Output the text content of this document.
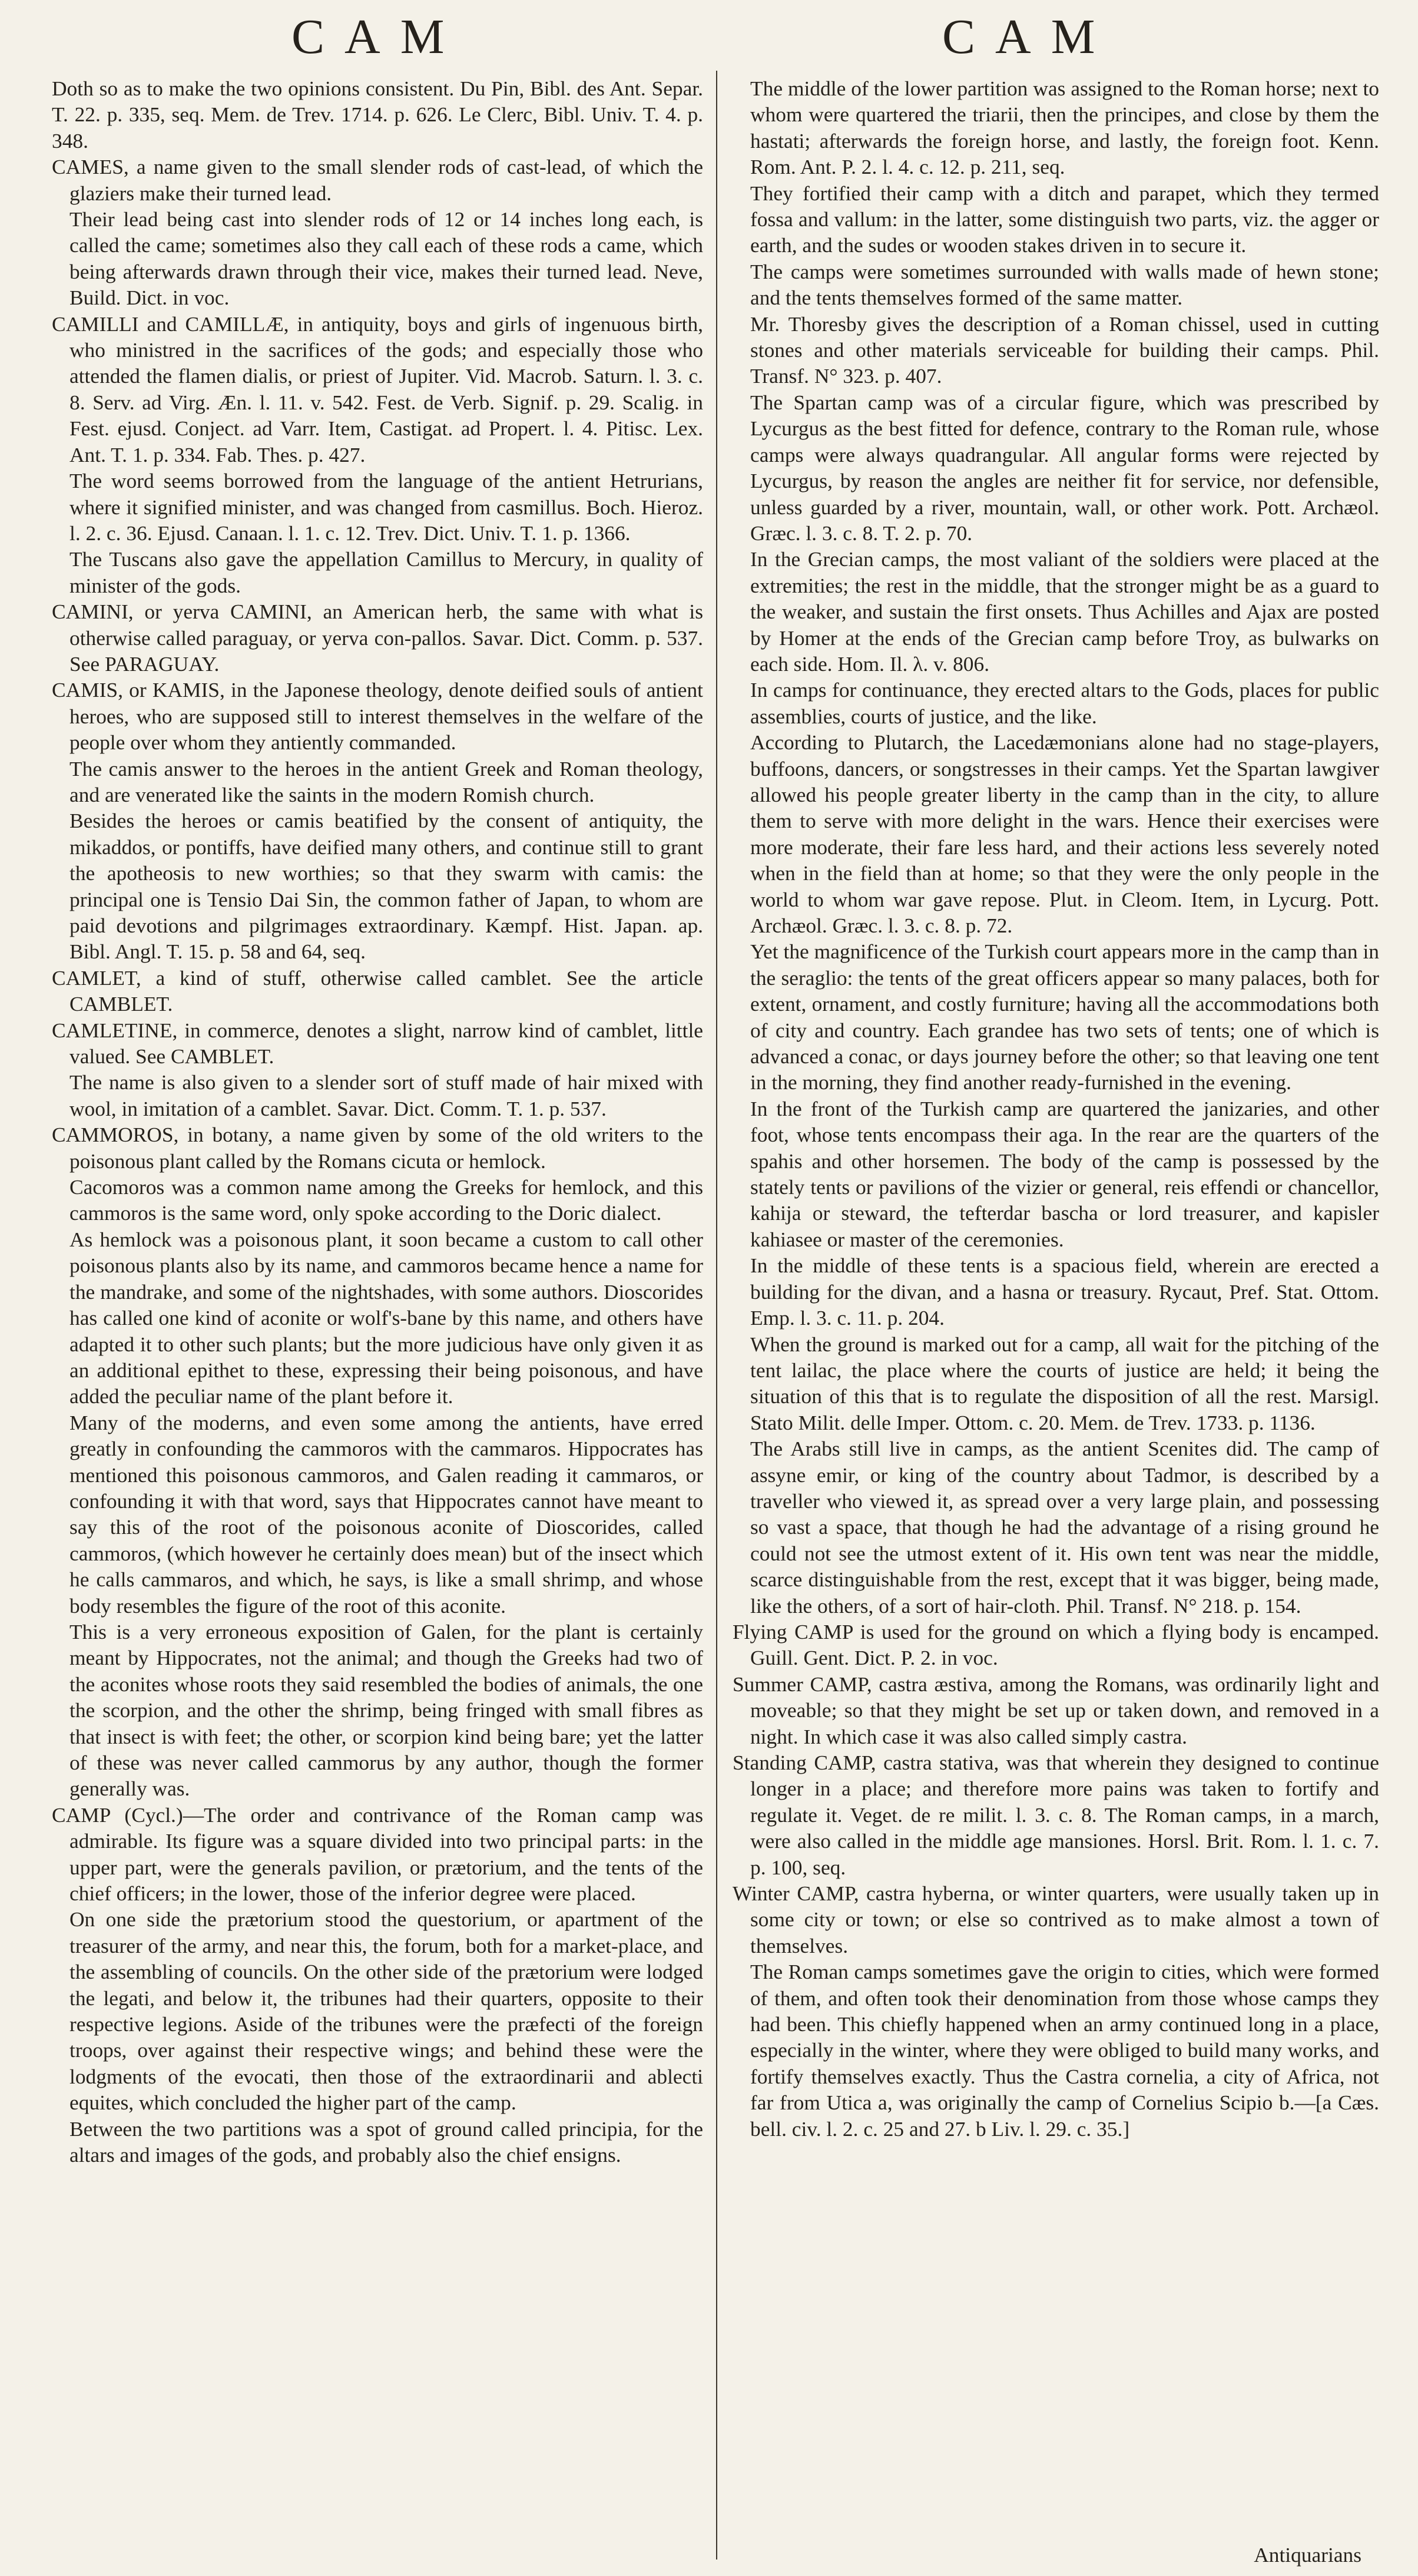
CAM	CAM

Doth so as to make the two opinions consistent. Du Pin, Bibl. des Ant. Separ. T. 22. p. 335, seq. Mem. de Trev. 1714. p. 626. Le Clerc, Bibl. Univ. T. 4. p. 348.

CAMES, a name given to the small slender rods of cast-lead, of which the glaziers make their turned lead.

Their lead being cast into slender rods of 12 or 14 inches long each, is called the came; sometimes also they call each of these rods a came, which being afterwards drawn through their vice, makes their turned lead. Neve, Build. Dict. in voc.

CAMILLI and CAMILLÆ, in antiquity, boys and girls of ingenuous birth, who ministred in the sacrifices of the gods; and especially those who attended the flamen dialis, or priest of Jupiter. Vid. Macrob. Saturn. l. 3. c. 8. Serv. ad Virg. Æn. l. 11. v. 542. Fest. de Verb. Signif. p. 29. Scalig. in Fest. ejusd. Conject. ad Varr. Item, Castigat. ad Propert. l. 4. Pitisc. Lex. Ant. T. 1. p. 334. Fab. Thes. p. 427.

The word seems borrowed from the language of the antient Hetrurians, where it signified minister, and was changed from casmillus. Boch. Hieroz. l. 2. c. 36. Ejusd. Canaan. l. 1. c. 12. Trev. Dict. Univ. T. 1. p. 1366.

The Tuscans also gave the appellation Camillus to Mercury, in quality of minister of the gods.

CAMINI, or yerva CAMINI, an American herb, the same with what is otherwise called paraguay, or yerva con-pallos. Savar. Dict. Comm. p. 537. See PARAGUAY.

CAMIS, or KAMIS, in the Japonese theology, denote deified souls of antient heroes, who are supposed still to interest themselves in the welfare of the people over whom they antiently commanded.

The camis answer to the heroes in the antient Greek and Roman theology, and are venerated like the saints in the modern Romish church.

Besides the heroes or camis beatified by the consent of antiquity, the mikaddos, or pontiffs, have deified many others, and continue still to grant the apotheosis to new worthies; so that they swarm with camis: the principal one is Tensio Dai Sin, the common father of Japan, to whom are paid devotions and pilgrimages extraordinary. Kæmpf. Hist. Japan. ap. Bibl. Angl. T. 15. p. 58 and 64, seq.

CAMLET, a kind of stuff, otherwise called camblet. See the article CAMBLET.

CAMLETINE, in commerce, denotes a slight, narrow kind of camblet, little valued. See CAMBLET.

The name is also given to a slender sort of stuff made of hair mixed with wool, in imitation of a camblet. Savar. Dict. Comm. T. 1. p. 537.

CAMMOROS, in botany, a name given by some of the old writers to the poisonous plant called by the Romans cicuta or hemlock.

Cacomoros was a common name among the Greeks for hemlock, and this cammoros is the same word, only spoke according to the Doric dialect.

As hemlock was a poisonous plant, it soon became a custom to call other poisonous plants also by its name, and cammoros became hence a name for the mandrake, and some of the nightshades, with some authors. Dioscorides has called one kind of aconite or wolf's-bane by this name, and others have adapted it to other such plants; but the more judicious have only given it as an additional epithet to these, expressing their being poisonous, and have added the peculiar name of the plant before it.

Many of the moderns, and even some among the antients, have erred greatly in confounding the cammoros with the cammaros. Hippocrates has mentioned this poisonous cammoros, and Galen reading it cammaros, or confounding it with that word, says that Hippocrates cannot have meant to say this of the root of the poisonous aconite of Dioscorides, called cammoros, (which however he certainly does mean) but of the insect which he calls cammaros, and which, he says, is like a small shrimp, and whose body resembles the figure of the root of this aconite.

This is a very erroneous exposition of Galen, for the plant is certainly meant by Hippocrates, not the animal; and though the Greeks had two of the aconites whose roots they said resembled the bodies of animals, the one the scorpion, and the other the shrimp, being fringed with small fibres as that insect is with feet; the other, or scorpion kind being bare; yet the latter of these was never called cammorus by any author, though the former generally was.

CAMP (Cycl.)—The order and contrivance of the Roman camp was admirable. Its figure was a square divided into two principal parts: in the upper part, were the generals pavilion, or prætorium, and the tents of the chief officers; in the lower, those of the inferior degree were placed.

On one side the prætorium stood the questorium, or apartment of the treasurer of the army, and near this, the forum, both for a market-place, and the assembling of councils. On the other side of the prætorium were lodged the legati, and below it, the tribunes had their quarters, opposite to their respective legions. Aside of the tribunes were the præfecti of the foreign troops, over against their respective wings; and behind these were the lodgments of the evocati, then those of the extraordinarii and ablecti equites, which concluded the higher part of the camp.

Between the two partitions was a spot of ground called principia, for the altars and images of the gods, and probably also the chief ensigns.

The middle of the lower partition was assigned to the Roman horse; next to whom were quartered the triarii, then the principes, and close by them the hastati; afterwards the foreign horse, and lastly, the foreign foot. Kenn. Rom. Ant. P. 2. l. 4. c. 12. p. 211, seq.

They fortified their camp with a ditch and parapet, which they termed fossa and vallum: in the latter, some distinguish two parts, viz. the agger or earth, and the sudes or wooden stakes driven in to secure it.

The camps were sometimes surrounded with walls made of hewn stone; and the tents themselves formed of the same matter.

Mr. Thoresby gives the description of a Roman chissel, used in cutting stones and other materials serviceable for building their camps. Phil. Transf. N° 323. p. 407.

The Spartan camp was of a circular figure, which was prescribed by Lycurgus as the best fitted for defence, contrary to the Roman rule, whose camps were always quadrangular. All angular forms were rejected by Lycurgus, by reason the angles are neither fit for service, nor defensible, unless guarded by a river, mountain, wall, or other work. Pott. Archæol. Græc. l. 3. c. 8. T. 2. p. 70.

In the Grecian camps, the most valiant of the soldiers were placed at the extremities; the rest in the middle, that the stronger might be as a guard to the weaker, and sustain the first onsets. Thus Achilles and Ajax are posted by Homer at the ends of the Grecian camp before Troy, as bulwarks on each side. Hom. Il. λ. v. 806.

In camps for continuance, they erected altars to the Gods, places for public assemblies, courts of justice, and the like.

According to Plutarch, the Lacedæmonians alone had no stage-players, buffoons, dancers, or songstresses in their camps. Yet the Spartan lawgiver allowed his people greater liberty in the camp than in the city, to allure them to serve with more delight in the wars. Hence their exercises were more moderate, their fare less hard, and their actions less severely noted when in the field than at home; so that they were the only people in the world to whom war gave repose. Plut. in Cleom. Item, in Lycurg. Pott. Archæol. Græc. l. 3. c. 8. p. 72.

Yet the magnificence of the Turkish court appears more in the camp than in the seraglio: the tents of the great officers appear so many palaces, both for extent, ornament, and costly furniture; having all the accommodations both of city and country. Each grandee has two sets of tents; one of which is advanced a conac, or days journey before the other; so that leaving one tent in the morning, they find another ready-furnished in the evening.

In the front of the Turkish camp are quartered the janizaries, and other foot, whose tents encompass their aga. In the rear are the quarters of the spahis and other horsemen. The body of the camp is possessed by the stately tents or pavilions of the vizier or general, reis effendi or chancellor, kahija or steward, the tefterdar bascha or lord treasurer, and kapisler kahiasee or master of the ceremonies.

In the middle of these tents is a spacious field, wherein are erected a building for the divan, and a hasna or treasury. Rycaut, Pref. Stat. Ottom. Emp. l. 3. c. 11. p. 204.

When the ground is marked out for a camp, all wait for the pitching of the tent lailac, the place where the courts of justice are held; it being the situation of this that is to regulate the disposition of all the rest. Marsigl. Stato Milit. delle Imper. Ottom. c. 20. Mem. de Trev. 1733. p. 1136.

The Arabs still live in camps, as the antient Scenites did. The camp of assyne emir, or king of the country about Tadmor, is described by a traveller who viewed it, as spread over a very large plain, and possessing so vast a space, that though he had the advantage of a rising ground he could not see the utmost extent of it. His own tent was near the middle, scarce distinguishable from the rest, except that it was bigger, being made, like the others, of a sort of hair-cloth. Phil. Transf. N° 218. p. 154.

Flying CAMP is used for the ground on which a flying body is encamped. Guill. Gent. Dict. P. 2. in voc.

Summer CAMP, castra æstiva, among the Romans, was ordinarily light and moveable; so that they might be set up or taken down, and removed in a night. In which case it was also called simply castra.

Standing CAMP, castra stativa, was that wherein they designed to continue longer in a place; and therefore more pains was taken to fortify and regulate it. Veget. de re milit. l. 3. c. 8. The Roman camps, in a march, were also called in the middle age mansiones. Horsl. Brit. Rom. l. 1. c. 7. p. 100, seq.

Winter CAMP, castra hyberna, or winter quarters, were usually taken up in some city or town; or else so contrived as to make almost a town of themselves.

The Roman camps sometimes gave the origin to cities, which were formed of them, and often took their denomination from those whose camps they had been. This chiefly happened when an army continued long in a place, especially in the winter, where they were obliged to build many works, and fortify themselves exactly. Thus the Castra cornelia, a city of Africa, not far from Utica a, was originally the camp of Cornelius Scipio b.—[a Cæs. bell. civ. l. 2. c. 25 and 27. b Liv. l. 29. c. 35.]

Antiquarians
